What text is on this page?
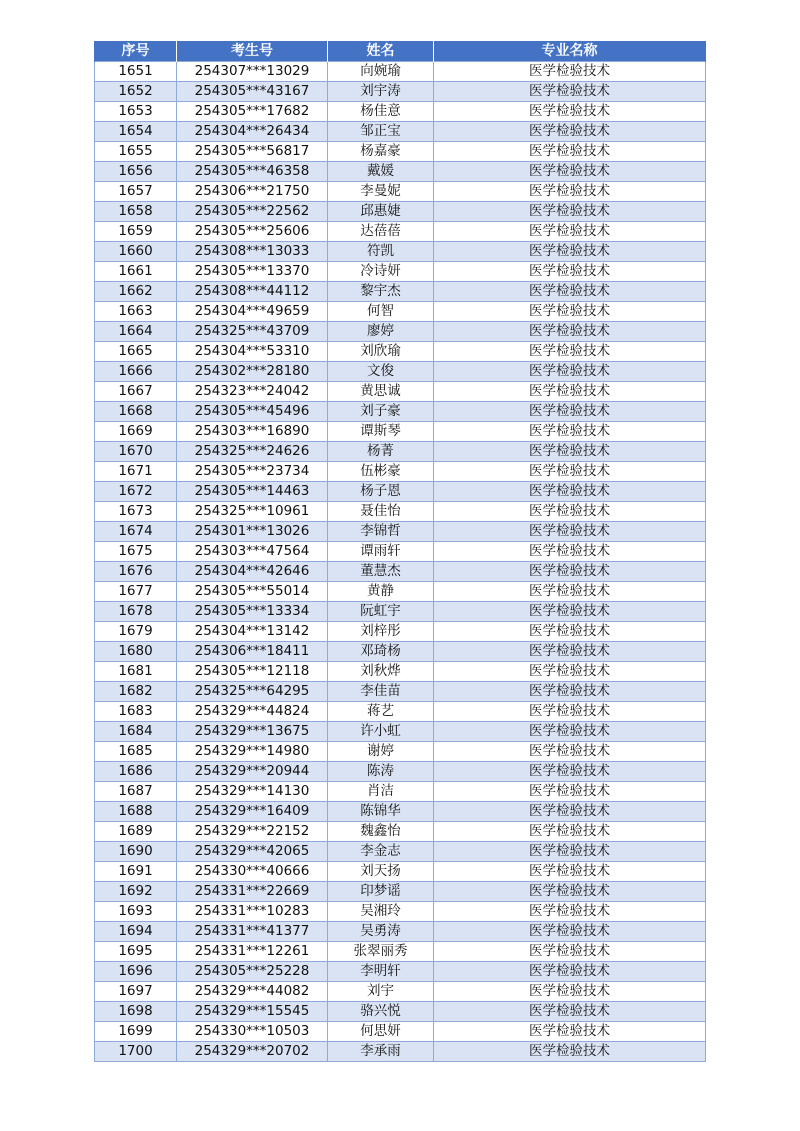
序号	考生号	姓名	专业名称
1651	254307***13029	向婉瑜	医学检验技术
1652	254305***43167	刘宇涛	医学检验技术
1653	254305***17682	杨佳意	医学检验技术
1654	254304***26434	邹正宝	医学检验技术
1655	254305***56817	杨嘉豪	医学检验技术
1656	254305***46358	戴媛	医学检验技术
1657	254306***21750	李曼妮	医学检验技术
1658	254305***22562	邱惠婕	医学检验技术
1659	254305***25606	达蓓蓓	医学检验技术
1660	254308***13033	符凯	医学检验技术
1661	254305***13370	冷诗妍	医学检验技术
1662	254308***44112	黎宇杰	医学检验技术
1663	254304***49659	何智	医学检验技术
1664	254325***43709	廖婷	医学检验技术
1665	254304***53310	刘欣瑜	医学检验技术
1666	254302***28180	文俊	医学检验技术
1667	254323***24042	黄思诚	医学检验技术
1668	254305***45496	刘子豪	医学检验技术
1669	254303***16890	谭斯琴	医学检验技术
1670	254325***24626	杨菁	医学检验技术
1671	254305***23734	伍彬豪	医学检验技术
1672	254305***14463	杨子恩	医学检验技术
1673	254325***10961	聂佳怡	医学检验技术
1674	254301***13026	李锦哲	医学检验技术
1675	254303***47564	谭雨轩	医学检验技术
1676	254304***42646	董慧杰	医学检验技术
1677	254305***55014	黄静	医学检验技术
1678	254305***13334	阮虹宇	医学检验技术
1679	254304***13142	刘梓彤	医学检验技术
1680	254306***18411	邓琦杨	医学检验技术
1681	254305***12118	刘秋烨	医学检验技术
1682	254325***64295	李佳苗	医学检验技术
1683	254329***44824	蒋艺	医学检验技术
1684	254329***13675	许小虹	医学检验技术
1685	254329***14980	谢婷	医学检验技术
1686	254329***20944	陈涛	医学检验技术
1687	254329***14130	肖洁	医学检验技术
1688	254329***16409	陈锦华	医学检验技术
1689	254329***22152	魏鑫怡	医学检验技术
1690	254329***42065	李金志	医学检验技术
1691	254330***40666	刘天扬	医学检验技术
1692	254331***22669	印梦谣	医学检验技术
1693	254331***10283	吴湘玲	医学检验技术
1694	254331***41377	吴勇涛	医学检验技术
1695	254331***12261	张翠丽秀	医学检验技术
1696	254305***25228	李明轩	医学检验技术
1697	254329***44082	刘宇	医学检验技术
1698	254329***15545	骆兴悦	医学检验技术
1699	254330***10503	何思妍	医学检验技术
1700	254329***20702	李承雨	医学检验技术
